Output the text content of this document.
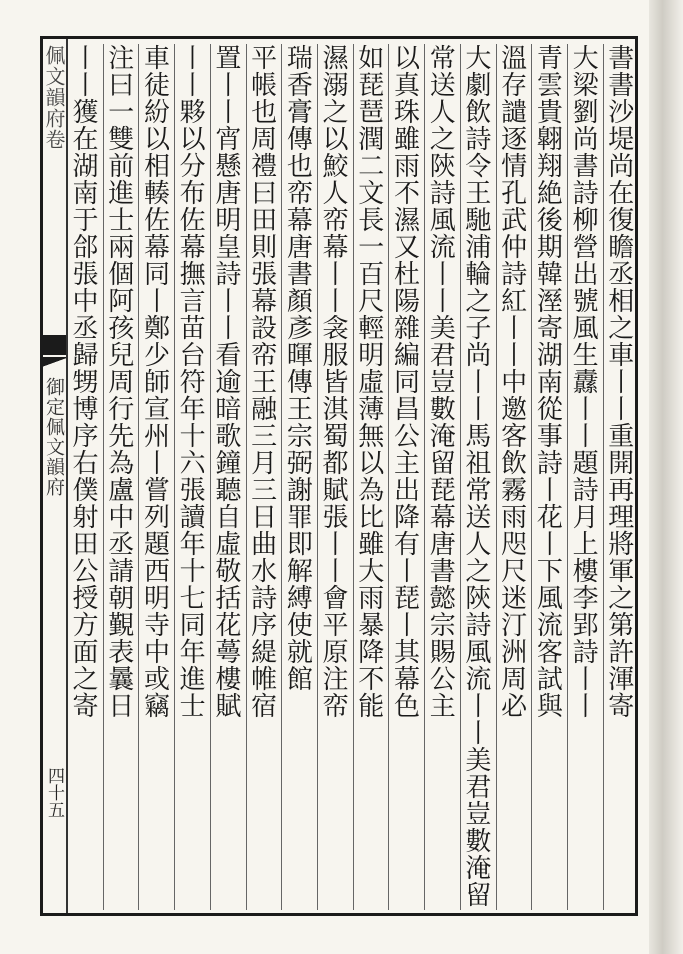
佩文韻府卷
御定佩文韻府
四十五
書書沙堤尚在復瞻丞相之車丨丨重開再理將軍之第許渾寄
大梁劉尚書詩柳營出號風生纛丨丨題詩月上樓李郢詩丨丨
青雲貴翺翔絶後期韓溼寄湖南從事詩丨花丨下風流客試與
溫存譴逐情孔武仲詩紅丨丨中邀客飲霧雨咫尺迷汀洲周必
大劇飲詩令王馳浦輪之子尚丨丨馬祖常送人之陝詩風流丨丨美君豈數淹留
常送人之陝詩風流丨丨美君豈數淹留琵幕唐書懿宗賜公主
以真珠雖雨不濕又杜陽雜編同昌公主出降有丨琵丨其幕色
如琵琶潤二文長一百尺輕明虛薄無以為比雖大雨暴降不能
濕溺之以鮫人帟幕丨丨衾服皆淇蜀都賦張丨丨會平原注帟
瑞香膏傳也帟幕唐書顏彥暉傳王宗弼謝罪即解縛使就館
平帳也周禮曰田則張幕設帟王融三月三日曲水詩序緹帷宿
置丨丨宵懸唐明皇詩丨丨看逾暗歌鐘聽自虛敬括花蕚樓賦
丨丨夥以分布佐幕撫言苗台符年十六張讀年十七同年進士
車徒紛以相輳佐幕同丨鄭少師宣州丨嘗列題西明寺中或竊
注曰一雙前進士兩個阿孩兒周行先為盧中丞請朝覲表曩日
丨丨獲在湖南于郃張中丞歸甥博序右僕射田公授方面之寄
